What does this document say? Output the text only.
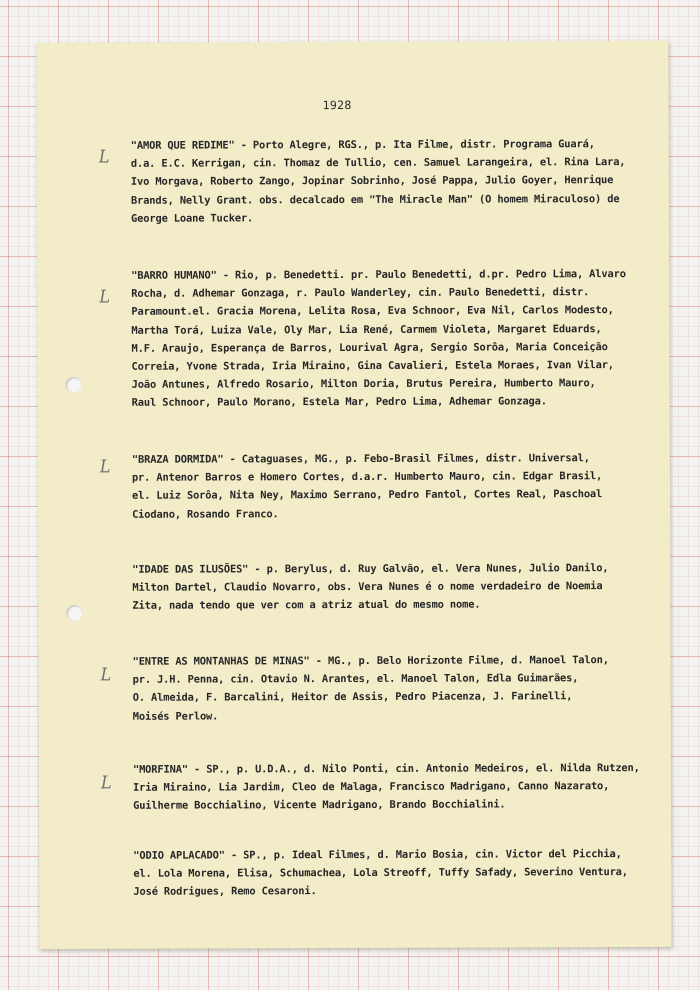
1928
L
"AMOR QUE REDIME" - Porto Alegre, RGS., p. Ita Filme, distr. Programa Guará,
d.a. E.C. Kerrigan, cin. Thomaz de Tullio, cen. Samuel Larangeira, el. Rina Lara,
Ivo Morgava, Roberto Zango, Jopinar Sobrinho, José Pappa, Julio Goyer, Henrique
Brands, Nelly Grant. obs. decalcado em "The Miracle Man" (O homem Miraculoso) de
George Loane Tucker.
L
"BARRO HUMANO" - Rio, p. Benedetti. pr. Paulo Benedetti, d.pr. Pedro Lima, Alvaro
Rocha, d. Adhemar Gonzaga, r. Paulo Wanderley, cin. Paulo Benedetti, distr.
Paramount.el. Gracia Morena, Lelita Rosa, Eva Schnoor, Eva Nil, Carlos Modesto,
Martha Torá, Luiza Vale, Oly Mar, Lia René, Carmem Violeta, Margaret Eduards,
M.F. Araujo, Esperança de Barros, Lourival Agra, Sergio Sorôa, Maria Conceição
Correia, Yvone Strada, Iria Miraino, Gina Cavalieri, Estela Moraes, Ivan Vilar,
João Antunes, Alfredo Rosario, Milton Doria, Brutus Pereira, Humberto Mauro,
Raul Schnoor, Paulo Morano, Estela Mar, Pedro Lima, Adhemar Gonzaga.
L "BRAZA DORMIDA" - Cataguases, MG., p. Febo-Brasil Filmes, distr. Universal,
pr. Antenor Barros e Homero Cortes, d.a.r. Humberto Mauro, cin. Edgar Brasil,
el. Luiz Sorôa, Nita Ney, Maximo Serrano, Pedro Fantol, Cortes Real, Paschoal
Ciodano, Rosando Franco.
"IDADE DAS ILUSÕES" - p. Berylus, d. Ruy Galvão, el. Vera Nunes, Julio Danilo,
Milton Dartel, Claudio Novarro, obs. Vera Nunes é o nome verdadeiro de Noemia
Zita, nada tendo que ver com a atriz atual do mesmo nome.
L
"ENTRE AS MONTANHAS DE MINAS" - MG., p. Belo Horizonte Filme, d. Manoel Talon,
pr. J.H. Penna, cin. Otavio N. Arantes, el. Manoel Talon, Edla Guimarães,
O. Almeida, F. Barcalini, Heitor de Assis, Pedro Piacenza, J. Farinelli,
Moisés Perlow.
L
"MORFINA" - SP., p. U.D.A., d. Nilo Ponti, cin. Antonio Medeiros, el. Nilda Rutzen,
Iria Miraino, Lia Jardim, Cleo de Malaga, Francisco Madrigano, Canno Nazarato,
Guilherme Bocchialino, Vicente Madrigano, Brando Bocchialini.
"ODIO APLACADO" - SP., p. Ideal Filmes, d. Mario Bosia, cin. Victor del Picchia,
el. Lola Morena, Elisa, Schumachea, Lola Streoff, Tuffy Safady, Severino Ventura,
José Rodrigues, Remo Cesaroni.
